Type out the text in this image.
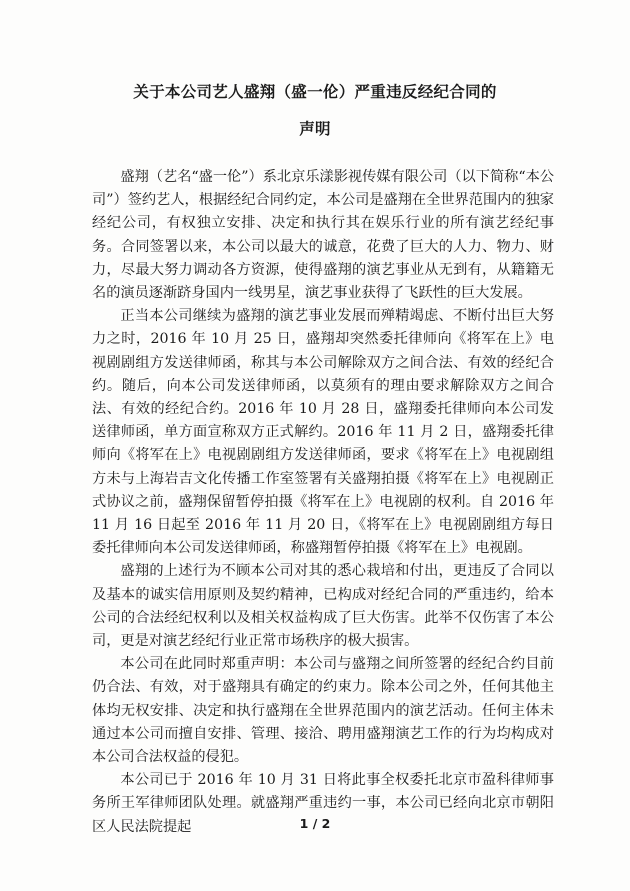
关于本公司艺人盛翔（盛一伦）严重违反经纪合同的
声明

盛翔（艺名“盛一伦”）系北京乐漾影视传媒有限公司（以下简称“本公司”）签约艺人，根据经纪合同约定，本公司是盛翔在全世界范围内的独家经纪公司，有权独立安排、决定和执行其在娱乐行业的所有演艺经纪事务。合同签署以来，本公司以最大的诚意，花费了巨大的人力、物力、财力，尽最大努力调动各方资源，使得盛翔的演艺事业从无到有，从籍籍无名的演员逐渐跻身国内一线男星，演艺事业获得了飞跃性的巨大发展。

正当本公司继续为盛翔的演艺事业发展而殚精竭虑、不断付出巨大努力之时，2016 年 10 月 25 日，盛翔却突然委托律师向《将军在上》电视剧剧组方发送律师函，称其与本公司解除双方之间合法、有效的经纪合约。随后，向本公司发送律师函，以莫须有的理由要求解除双方之间合法、有效的经纪合约。2016 年 10 月 28 日，盛翔委托律师向本公司发送律师函，单方面宣称双方正式解约。2016 年 11 月 2 日，盛翔委托律师向《将军在上》电视剧剧组方发送律师函，要求《将军在上》电视剧组方未与上海岩吉文化传播工作室签署有关盛翔拍摄《将军在上》电视剧正式协议之前，盛翔保留暂停拍摄《将军在上》电视剧的权利。自 2016 年 11 月 16 日起至 2016 年 11 月 20 日，《将军在上》电视剧剧组方每日委托律师向本公司发送律师函，称盛翔暂停拍摄《将军在上》电视剧。

盛翔的上述行为不顾本公司对其的悉心栽培和付出，更违反了合同以及基本的诚实信用原则及契约精神，已构成对经纪合同的严重违约，给本公司的合法经纪权利以及相关权益构成了巨大伤害。此举不仅伤害了本公司，更是对演艺经纪行业正常市场秩序的极大损害。

本公司在此同时郑重声明：本公司与盛翔之间所签署的经纪合约目前仍合法、有效，对于盛翔具有确定的约束力。除本公司之外，任何其他主体均无权安排、决定和执行盛翔在全世界范围内的演艺活动。任何主体未通过本公司而擅自安排、管理、接洽、聘用盛翔演艺工作的行为均构成对本公司合法权益的侵犯。

本公司已于 2016 年 10 月 31 日将此事全权委托北京市盈科律师事务所王军律师团队处理。就盛翔严重违约一事，本公司已经向北京市朝阳区人民法院提起	1 / 2
